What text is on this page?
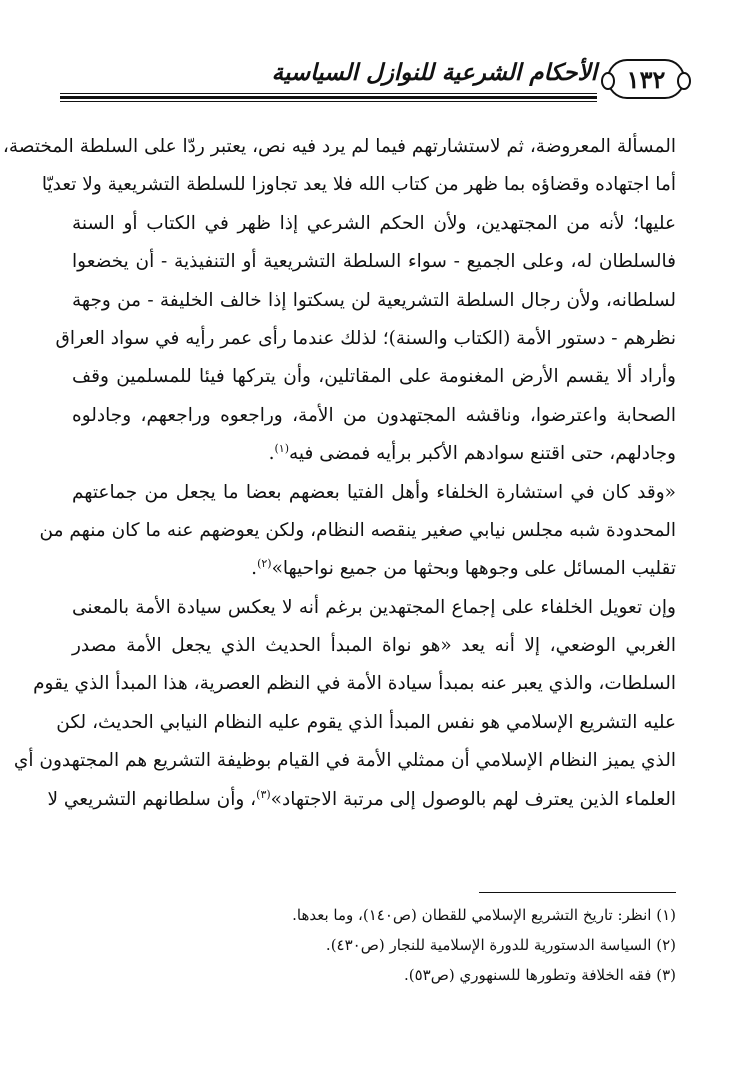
١٣٢
الأحكام الشرعية للنوازل السياسية
المسألة المعروضة، ثم لاستشارتهم فيما لم يرد فيه نص، يعتبر ردّا على السلطة المختصة،
أما اجتهاده وقضاؤه بما ظهر من كتاب الله فلا يعد تجاوزا للسلطة التشريعية ولا تعديّا
عليها؛ لأنه من المجتهدين، ولأن الحكم الشرعي إذا ظهر في الكتاب أو السنة
فالسلطان له، وعلى الجميع - سواء السلطة التشريعية أو التنفيذية - أن يخضعوا
لسلطانه، ولأن رجال السلطة التشريعية لن يسكتوا إذا خالف الخليفة - من وجهة
نظرهم - دستور الأمة (الكتاب والسنة)؛ لذلك عندما رأى عمر رأيه في سواد العراق
وأراد ألا يقسم الأرض المغنومة على المقاتلين، وأن يتركها فيئا للمسلمين وقف
الصحابة واعترضوا، وناقشه المجتهدون من الأمة، وراجعوه وراجعهم، وجادلوه
وجادلهم، حتى اقتنع سوادهم الأكبر برأيه فمضى فيه$^{(١)}$.
«وقد كان في استشارة الخلفاء وأهل الفتيا بعضهم بعضا ما يجعل من جماعتهم
المحدودة شبه مجلس نيابي صغير ينقصه النظام، ولكن يعوضهم عنه ما كان منهم من
تقليب المسائل على وجوهها وبحثها من جميع نواحيها»$^{(٢)}$.
وإن تعويل الخلفاء على إجماع المجتهدين برغم أنه لا يعكس سيادة الأمة بالمعنى
الغربي الوضعي، إلا أنه يعد «هو نواة المبدأ الحديث الذي يجعل الأمة مصدر
السلطات، والذي يعبر عنه بمبدأ سيادة الأمة في النظم العصرية، هذا المبدأ الذي يقوم
عليه التشريع الإسلامي هو نفس المبدأ الذي يقوم عليه النظام النيابي الحديث، لكن
الذي يميز النظام الإسلامي أن ممثلي الأمة في القيام بوظيفة التشريع هم المجتهدون أي
العلماء الذين يعترف لهم بالوصول إلى مرتبة الاجتهاد»$^{(٣)}$، وأن سلطانهم التشريعي لا
(١) انظر: تاريخ التشريع الإسلامي للقطان (ص١٤٠)، وما بعدها.
(٢) السياسة الدستورية للدورة الإسلامية للنجار (ص٤٣٠).
(٣) فقه الخلافة وتطورها للسنهوري (ص٥٣).
